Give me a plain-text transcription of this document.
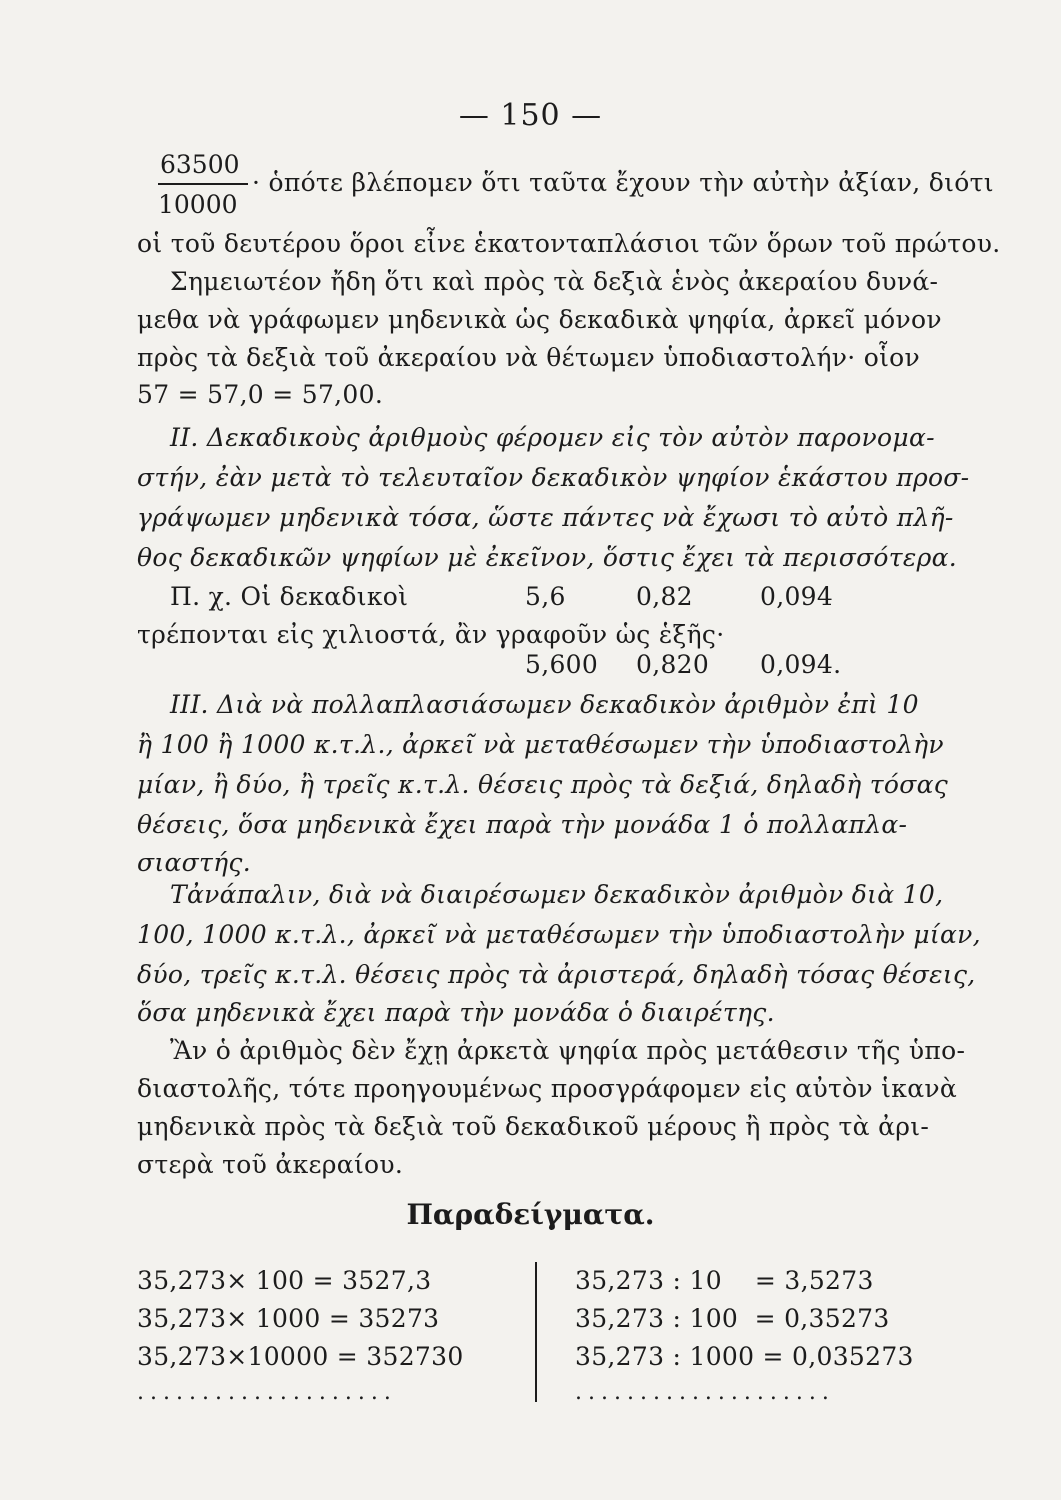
— 150 —
63500
10000
· ὁπότε βλέπομεν ὅτι ταῦτα ἔχουν τὴν αὐτὴν ἀξίαν, διότι
οἱ τοῦ δευτέρου ὅροι εἶνε ἑκατονταπλάσιοι τῶν ὅρων τοῦ πρώτου.
Σημειωτέον ἤδη ὅτι καὶ πρὸς τὰ δεξιὰ ἑνὸς ἀκεραίου δυνά-
μεθα νὰ γράφωμεν μηδενικὰ ὡς δεκαδικὰ ψηφία, ἀρκεῖ μόνον
πρὸς τὰ δεξιὰ τοῦ ἀκεραίου νὰ θέτωμεν ὑποδιαστολήν· οἷον
57 = 57,0 = 57,00.
II. Δεκαδικοὺς ἀριθμοὺς φέρομεν εἰς τὸν αὐτὸν παρονομα-
στήν, ἐὰν μετὰ τὸ τελευταῖον δεκαδικὸν ψηφίον ἑκάστου προσ-
γράψωμεν μηδενικὰ τόσα, ὥστε πάντες νὰ ἔχωσι τὸ αὐτὸ πλῆ-
θος δεκαδικῶν ψηφίων μὲ ἐκεῖνον, ὅστις ἔχει τὰ περισσότερα.
Π. χ. Οἱ δεκαδικοὶ	5,6	0,82	0,094
τρέπονται εἰς χιλιοστά, ἂν γραφοῦν ὡς ἑξῆς·
5,600 0,820 0,094.
III. Διὰ νὰ πολλαπλασιάσωμεν δεκαδικὸν ἀριθμὸν ἐπὶ 10
ἢ 100 ἢ 1000 κ.τ.λ., ἀρκεῖ νὰ μεταθέσωμεν τὴν ὑποδιαστολὴν
μίαν, ἢ δύο, ἢ τρεῖς κ.τ.λ. θέσεις πρὸς τὰ δεξιά, δηλαδὴ τόσας
θέσεις, ὅσα μηδενικὰ ἔχει παρὰ τὴν μονάδα 1 ὁ πολλαπλα-
σιαστής.
Τἀνάπαλιν, διὰ νὰ διαιρέσωμεν δεκαδικὸν ἀριθμὸν διὰ 10,
100, 1000 κ.τ.λ., ἀρκεῖ νὰ μεταθέσωμεν τὴν ὑποδιαστολὴν μίαν,
δύο, τρεῖς κ.τ.λ. θέσεις πρὸς τὰ ἀριστερά, δηλαδὴ τόσας θέσεις,
ὅσα μηδενικὰ ἔχει παρὰ τὴν μονάδα ὁ διαιρέτης.
Ἂν ὁ ἀριθμὸς δὲν ἔχῃ ἀρκετὰ ψηφία πρὸς μετάθεσιν τῆς ὑπο-
διαστολῆς, τότε προηγουμένως προσγράφομεν εἰς αὐτὸν ἱκανὰ
μηδενικὰ πρὸς τὰ δεξιὰ τοῦ δεκαδικοῦ μέρους ἢ πρὸς τὰ ἀρι-
στερὰ τοῦ ἀκεραίου.
Παραδείγματα.
35,273× 100 = 3527,3
35,273× 1000 = 35273
35,273×10000 = 352730
....................
35,273 : 10    = 3,5273
35,273 : 100  = 0,35273
35,273 : 1000 = 0,035273
....................
